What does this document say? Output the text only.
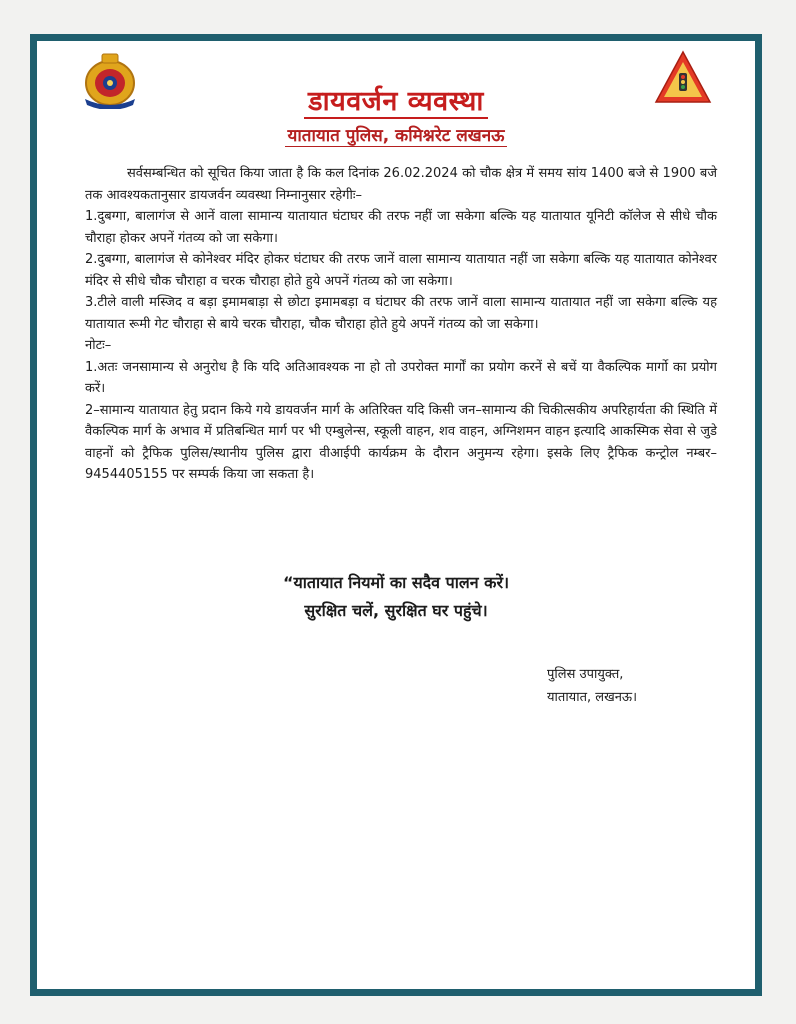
डायवर्जन व्यवस्था
यातायात पुलिस, कमिश्नरेट लखनऊ

सर्वसम्बन्धित को सूचित किया जाता है कि कल दिनांक 26.02.2024 को चौक क्षेत्र में समय सांय 1400 बजे से 1900 बजे तक आवश्यकतानुसार डायजर्वन व्यवस्था निम्नानुसार रहेगीः–

1.दुबग्गा, बालागंज से आनें वाला सामान्य यातायात घंटाघर की तरफ नहीं जा सकेगा बल्कि यह यातायात यूनिटी कॉलेज से सीधे चौक चौराहा होकर अपनें गंतव्य को जा सकेगा।

2.दुबग्गा, बालागंज से कोनेश्वर मंदिर होकर घंटाघर की तरफ जानें वाला सामान्य यातायात नहीं जा सकेगा बल्कि यह यातायात कोनेश्वर मंदिर से सीधे चौक चौराहा व चरक चौराहा होते हुये अपनें गंतव्य को जा सकेगा।

3.टीले वाली मस्जिद व बड़ा इमामबाड़ा से छोटा इमामबड़ा व घंटाघर की तरफ जानें वाला सामान्य यातायात नहीं जा सकेगा बल्कि यह यातायात रूमी गेट चौराहा से बाये चरक चौराहा, चौक चौराहा होते हुये अपनें गंतव्य को जा सकेगा।

नोटः–

1.अतः जनसामान्य से अनुरोध है कि यदि अतिआवश्यक ना हो तो उपरोक्त मार्गों का प्रयोग करनें से बचें या वैकल्पिक मार्गो का प्रयोग करें।

2–सामान्य यातायात हेतु प्रदान किये गये डायवर्जन मार्ग के अतिरिक्त यदि किसी जन–सामान्य की चिकीत्सकीय अपरिहार्यता की स्थिति में वैकल्पिक मार्ग के अभाव में प्रतिबन्धित मार्ग पर भी एम्बुलेन्स, स्कूली वाहन, शव वाहन, अग्निशमन वाहन इत्यादि आकस्मिक सेवा से जुडे वाहनों को ट्रैफिक पुलिस/स्थानीय पुलिस द्वारा वीआईपी कार्यक्रम के दौरान अनुमन्य रहेगा। इसके लिए ट्रैफिक कन्ट्रोल नम्बर– 9454405155 पर सम्पर्क किया जा सकता है।

“यातायात नियमों का सदैव पालन करें।
सुरक्षित चलें, सुरक्षित घर पहुंचे।
पुलिस उपायुक्त,
यातायात, लखनऊ।
